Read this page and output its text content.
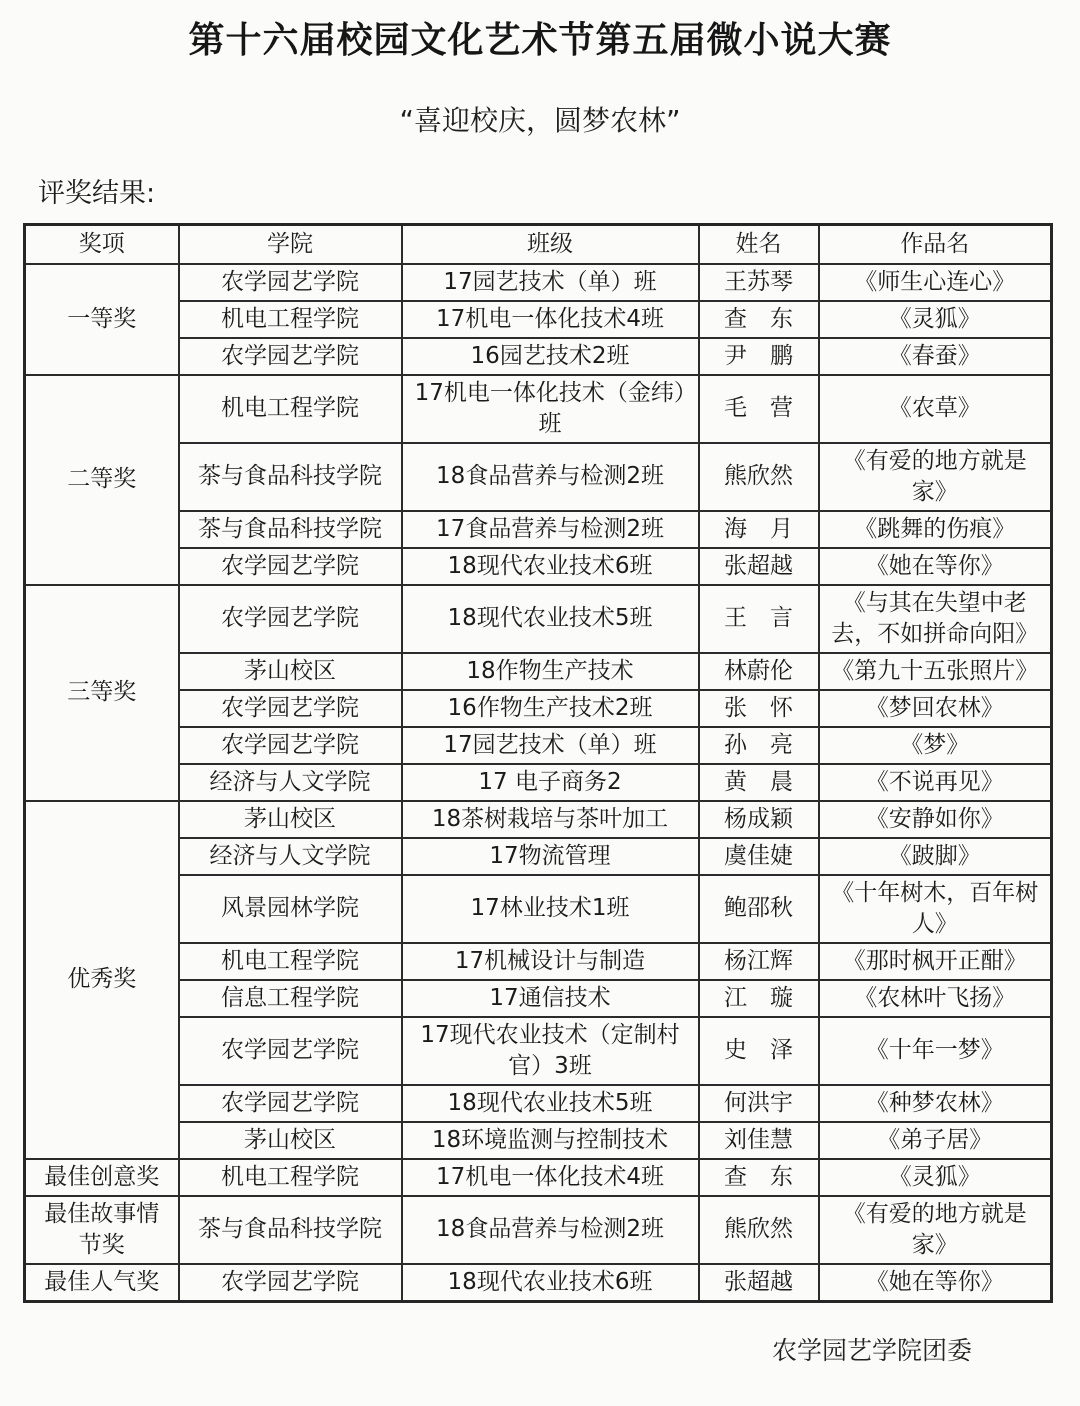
第十六届校园文化艺术节第五届微小说大赛
“喜迎校庆，圆梦农林”
评奖结果:
奖项	学院	班级	姓名	作品名
一等奖	农学园艺学院	17园艺技术（单）班	王苏琴	《师生心连心》
	机电工程学院	17机电一体化技术4班	查　东	《灵狐》
	农学园艺学院	16园艺技术2班	尹　鹏	《春蚕》
二等奖	机电工程学院	17机电一体化技术（金纬）班	毛　营	《农草》
	茶与食品科技学院	18食品营养与检测2班	熊欣然	《有爱的地方就是家》
	茶与食品科技学院	17食品营养与检测2班	海　月	《跳舞的伤痕》
	农学园艺学院	18现代农业技术6班	张超越	《她在等你》
三等奖	农学园艺学院	18现代农业技术5班	王　言	《与其在失望中老去，不如拼命向阳》
	茅山校区	18作物生产技术	林蔚伦	《第九十五张照片》
	农学园艺学院	16作物生产技术2班	张　怀	《梦回农林》
	农学园艺学院	17园艺技术（单）班	孙　亮	《梦》
	经济与人文学院	17 电子商务2	黄　晨	《不说再见》
优秀奖	茅山校区	18茶树栽培与茶叶加工	杨成颖	《安静如你》
	经济与人文学院	17物流管理	虞佳婕	《跛脚》
	风景园林学院	17林业技术1班	鲍邵秋	《十年树木，百年树人》
	机电工程学院	17机械设计与制造	杨江辉	《那时枫开正酣》
	信息工程学院	17通信技术	江　璇	《农林叶飞扬》
	农学园艺学院	17现代农业技术（定制村官）3班	史　泽	《十年一梦》
	农学园艺学院	18现代农业技术5班	何洪宇	《种梦农林》
	茅山校区	18环境监测与控制技术	刘佳慧	《弟子居》
最佳创意奖	机电工程学院	17机电一体化技术4班	查　东	《灵狐》
最佳故事情节奖	茶与食品科技学院	18食品营养与检测2班	熊欣然	《有爱的地方就是家》
最佳人气奖	农学园艺学院	18现代农业技术6班	张超越	《她在等你》
农学园艺学院团委
